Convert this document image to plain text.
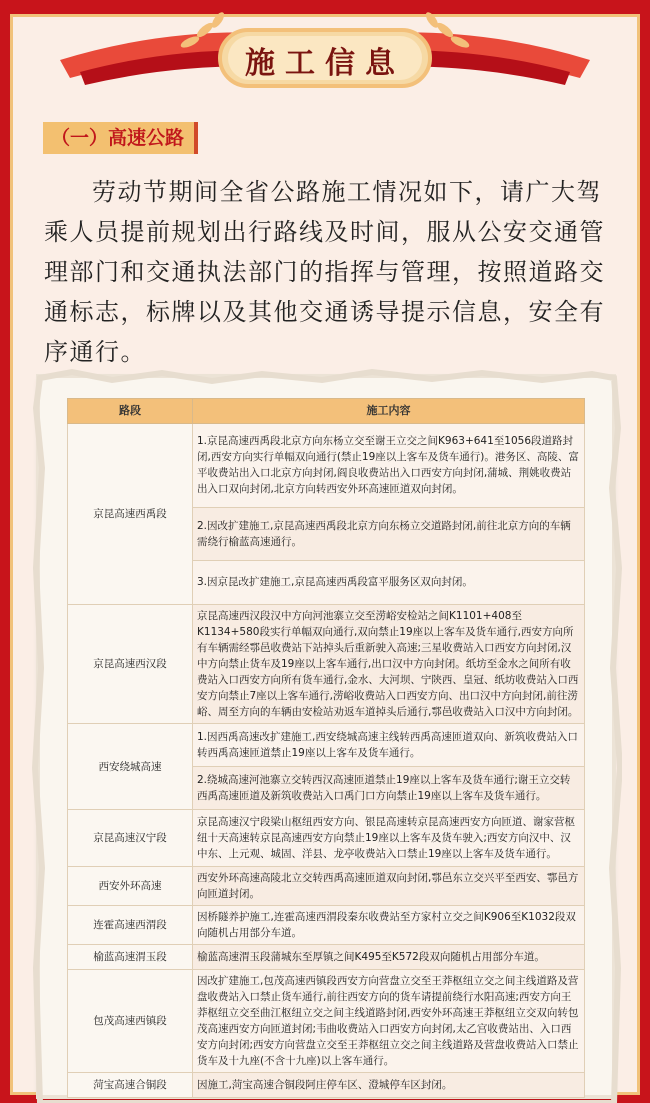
施工信息
（一）高速公路
劳动节期间全省公路施工情况如下，请广大驾乘人员提前规划出行路线及时间，服从公安交通管理部门和交通执法部门的指挥与管理，按照道路交通标志，标牌以及其他交通诱导提示信息，安全有序通行。
路段	施工内容
京昆高速西禹段	1.京昆高速西禹段北京方向东杨立交至谢王立交之间K963+641至1056段道路封闭,西安方向实行单幅双向通行(禁止19座以上客车及货车通行)。港务区、高陵、富平收费站出入口北京方向封闭,阎良收费站出入口西安方向封闭,蒲城、荆姚收费站出入口双向封闭,北京方向转西安外环高速匝道双向封闭。
	2.因改扩建施工,京昆高速西禹段北京方向东杨立交道路封闭,前往北京方向的车辆需绕行榆蓝高速通行。
	3.因京昆改扩建施工,京昆高速西禹段富平服务区双向封闭。
京昆高速西汉段	京昆高速西汉段汉中方向河池寨立交至涝峪安检站之间K1101+408至K1134+580段实行单幅双向通行,双向禁止19座以上客车及货车通行,西安方向所有车辆需经鄠邑收费站下站掉头后重新驶入高速;三星收费站入口西安方向封闭,汉中方向禁止货车及19座以上客车通行,出口汉中方向封闭。纸坊至金水之间所有收费站入口西安方向所有货车通行,金水、大河坝、宁陕西、皇冠、纸坊收费站入口西安方向禁止7座以上客车通行,涝峪收费站入口西安方向、出口汉中方向封闭,前往涝峪、周至方向的车辆由安检站劝返车道掉头后通行,鄠邑收费站入口汉中方向封闭。
西安绕城高速	1.因西禹高速改扩建施工,西安绕城高速主线转西禹高速匝道双向、新筑收费站入口转西禹高速匝道禁止19座以上客车及货车通行。
	2.绕城高速河池寨立交转西汉高速匝道禁止19座以上客车及货车通行;谢王立交转西禹高速匝道及新筑收费站入口禹门口方向禁止19座以上客车及货车通行。
京昆高速汉宁段	京昆高速汉宁段梁山枢纽西安方向、银昆高速转京昆高速西安方向匝道、谢家营枢纽十天高速转京昆高速西安方向禁止19座以上客车及货车驶入;西安方向汉中、汉中东、上元观、城固、洋县、龙亭收费站入口禁止19座以上客车及货车通行。
西安外环高速	西安外环高速高陵北立交转西禹高速匝道双向封闭,鄠邑东立交兴平至西安、鄠邑方向匝道封闭。
连霍高速西渭段	因桥隧养护施工,连霍高速西渭段秦东收费站至方家村立交之间K906至K1032段双向随机占用部分车道。
榆蓝高速渭玉段	榆蓝高速渭玉段蒲城东至厚镇之间K495至K572段双向随机占用部分车道。
包茂高速西镇段	因改扩建施工,包茂高速西镇段西安方向营盘立交至王莽枢纽立交之间主线道路及营盘收费站入口禁止货车通行,前往西安方向的货车请提前绕行水阳高速;西安方向王莽枢纽立交至曲江枢纽立交之间主线道路封闭,西安外环高速王莽枢纽立交双向转包茂高速西安方向匝道封闭;韦曲收费站入口西安方向封闭,太乙宫收费站出、入口西安方向封闭;西安方向营盘立交至王莽枢纽立交之间主线道路及营盘收费站入口禁止货车及十九座(不含十九座)以上客车通行。
菏宝高速合铜段	因施工,菏宝高速合铜段阿庄停车区、澄城停车区封闭。
